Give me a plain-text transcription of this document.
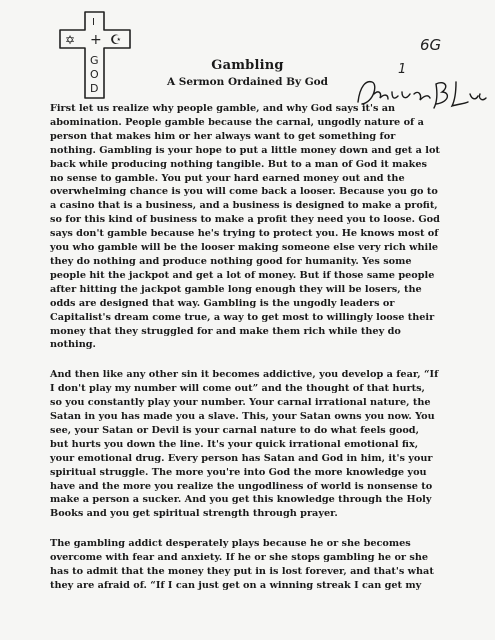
I
✡ + ☪
G
O
D
6G
1
Gambling
A Sermon Ordained By God

First let us realize why people gamble, and why God says it's an abomination. People gamble because the carnal, ungodly nature of a person that makes him or her always want to get something for nothing. Gambling is your hope to put a little money down and get a lot back while producing nothing tangible. But to a man of God it makes no sense to gamble. You put your hard earned money out and the overwhelming chance is you will come back a looser. Because you go to a casino that is a business, and a business is designed to make a profit, so for this kind of business to make a profit they need you to loose. God says don't gamble because he's trying to protect you. He knows most of you who gamble will be the looser making someone else very rich while they do nothing and produce nothing good for humanity. Yes some people hit the jackpot and get a lot of money. But if those same people after hitting the jackpot gamble long enough they will be losers, the odds are designed that way. Gambling is the ungodly leaders or Capitalist's dream come true, a way to get most to willingly loose their money that they struggled for and make them rich while they do nothing.

And then like any other sin it becomes addictive, you develop a fear, “If I don't play my number will come out” and the thought of that hurts, so you constantly play your number. Your carnal irrational nature, the Satan in you has made you a slave. This, your Satan owns you now. You see, your Satan or Devil is your carnal nature to do what feels good, but hurts you down the line. It's your quick irrational emotional fix, your emotional drug. Every person has Satan and God in him, it's your spiritual struggle. The more you're into God the more knowledge you have and the more you realize the ungodliness of world is nonsense to make a person a sucker. And you get this knowledge through the Holy Books and you get spiritual strength through prayer.

The gambling addict desperately plays because he or she becomes overcome with fear and anxiety. If he or she stops gambling he or she has to admit that the money they put in is lost forever, and that's what they are afraid of. “If I can just get on a winning streak I can get my
